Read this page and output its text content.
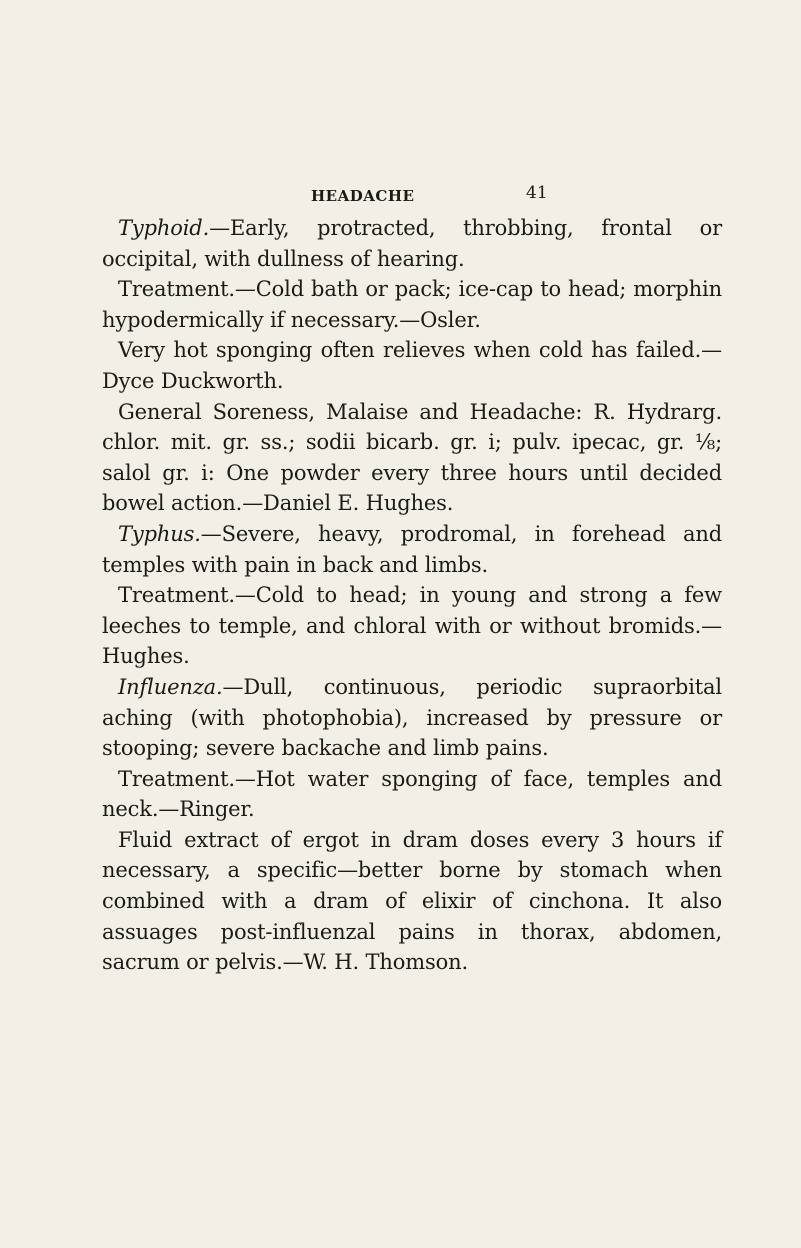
HEADACHE	41

Typhoid.—Early, protracted, throbbing, frontal or occipital, with dullness of hearing.

Treatment.—Cold bath or pack; ice-cap to head; morphin hypodermically if necessary.—Osler.

Very hot sponging often relieves when cold has failed.—Dyce Duckworth.

General Soreness, Malaise and Headache: R. Hydrarg. chlor. mit. gr. ss.; sodii bicarb. gr. i; pulv. ipecac, gr. ⅛; salol gr. i: One powder every three hours until decided bowel action.—Daniel E. Hughes.

Typhus.—Severe, heavy, prodromal, in forehead and temples with pain in back and limbs.

Treatment.—Cold to head; in young and strong a few leeches to temple, and chloral with or without bromids.—Hughes.

Influenza.—Dull, continuous, periodic supraorbital aching (with photophobia), increased by pressure or stooping; severe backache and limb pains.

Treatment.—Hot water sponging of face, temples and neck.—Ringer.

Fluid extract of ergot in dram doses every 3 hours if necessary, a specific—better borne by stomach when combined with a dram of elixir of cinchona. It also assuages post-influenzal pains in thorax, abdomen, sacrum or pelvis.—W. H. Thomson.
